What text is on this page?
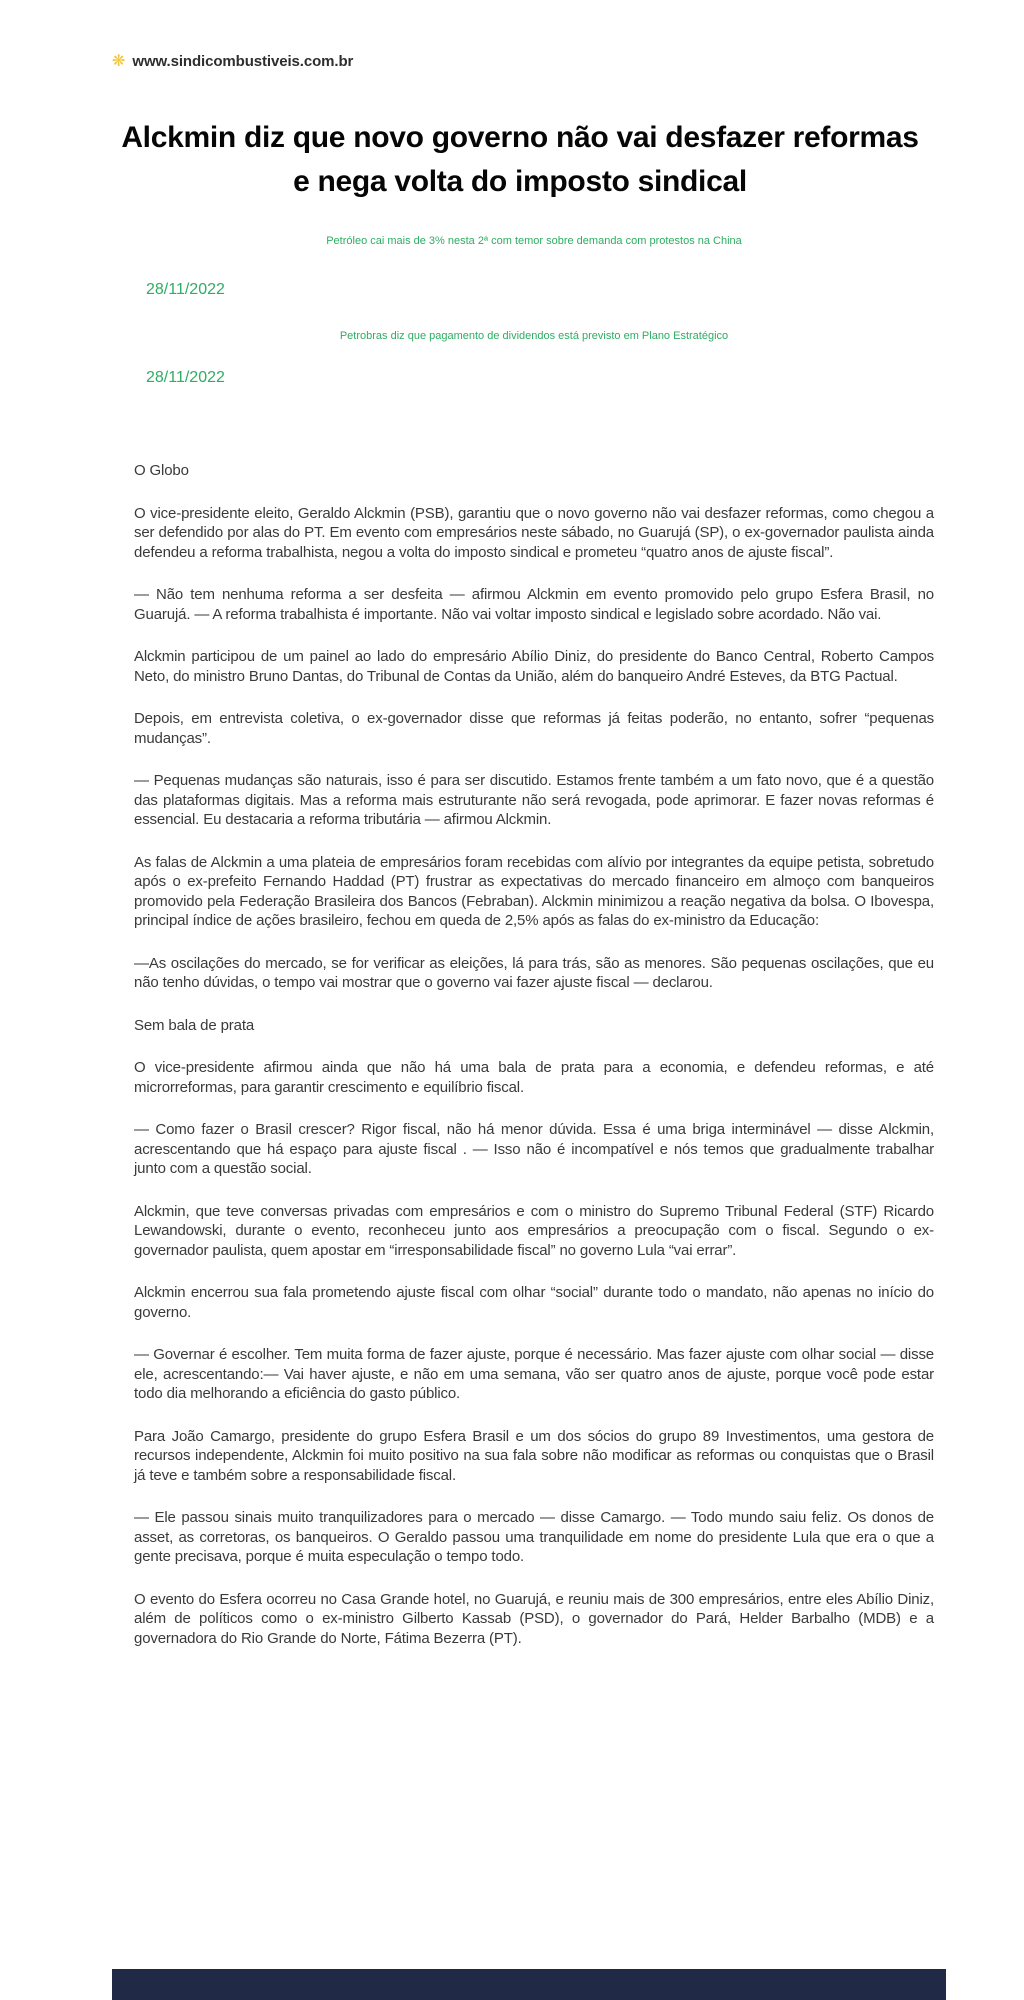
❋ www.sindicombustiveis.com.br
Alckmin diz que novo governo não vai desfazer reformas e nega volta do imposto sindical
Petróleo cai mais de 3% nesta 2ª com temor sobre demanda com protestos na China
28/11/2022
Petrobras diz que pagamento de dividendos está previsto em Plano Estratégico
28/11/2022

O Globo

O vice-presidente eleito, Geraldo Alckmin (PSB), garantiu que o novo governo não vai desfazer reformas, como chegou a ser defendido por alas do PT. Em evento com empresários neste sábado, no Guarujá (SP), o ex-governador paulista ainda defendeu a reforma trabalhista, negou a volta do imposto sindical e prometeu “quatro anos de ajuste fiscal”.

— Não tem nenhuma reforma a ser desfeita — afirmou Alckmin em evento promovido pelo grupo Esfera Brasil, no Guarujá. — A reforma trabalhista é importante. Não vai voltar imposto sindical e legislado sobre acordado. Não vai.

Alckmin participou de um painel ao lado do empresário Abílio Diniz, do presidente do Banco Central, Roberto Campos Neto, do ministro Bruno Dantas, do Tribunal de Contas da União, além do banqueiro André Esteves, da BTG Pactual.

Depois, em entrevista coletiva, o ex-governador disse que reformas já feitas poderão, no entanto, sofrer “pequenas mudanças”.

— Pequenas mudanças são naturais, isso é para ser discutido. Estamos frente também a um fato novo, que é a questão das plataformas digitais. Mas a reforma mais estruturante não será revogada, pode aprimorar. E fazer novas reformas é essencial. Eu destacaria a reforma tributária — afirmou Alckmin.

As falas de Alckmin a uma plateia de empresários foram recebidas com alívio por integrantes da equipe petista, sobretudo após o ex-prefeito Fernando Haddad (PT) frustrar as expectativas do mercado financeiro em almoço com banqueiros promovido pela Federação Brasileira dos Bancos (Febraban). Alckmin minimizou a reação negativa da bolsa. O Ibovespa, principal índice de ações brasileiro, fechou em queda de 2,5% após as falas do ex-ministro da Educação:

—As oscilações do mercado, se for verificar as eleições, lá para trás, são as menores. São pequenas oscilações, que eu não tenho dúvidas, o tempo vai mostrar que o governo vai fazer ajuste fiscal — declarou.

Sem bala de prata

O vice-presidente afirmou ainda que não há uma bala de prata para a economia, e defendeu reformas, e até microrreformas, para garantir crescimento e equilíbrio fiscal.

— Como fazer o Brasil crescer? Rigor fiscal, não há menor dúvida. Essa é uma briga interminável — disse Alckmin, acrescentando que há espaço para ajuste fiscal . — Isso não é incompatível e nós temos que gradualmente trabalhar junto com a questão social.

Alckmin, que teve conversas privadas com empresários e com o ministro do Supremo Tribunal Federal (STF) Ricardo Lewandowski, durante o evento, reconheceu junto aos empresários a preocupação com o fiscal. Segundo o ex-governador paulista, quem apostar em “irresponsabilidade fiscal” no governo Lula “vai errar”.

Alckmin encerrou sua fala prometendo ajuste fiscal com olhar “social” durante todo o mandato, não apenas no início do governo.

— Governar é escolher. Tem muita forma de fazer ajuste, porque é necessário. Mas fazer ajuste com olhar social — disse ele, acrescentando:— Vai haver ajuste, e não em uma semana, vão ser quatro anos de ajuste, porque você pode estar todo dia melhorando a eficiência do gasto público.

Para João Camargo, presidente do grupo Esfera Brasil e um dos sócios do grupo 89 Investimentos, uma gestora de recursos independente, Alckmin foi muito positivo na sua fala sobre não modificar as reformas ou conquistas que o Brasil já teve e também sobre a responsabilidade fiscal.

— Ele passou sinais muito tranquilizadores para o mercado — disse Camargo. — Todo mundo saiu feliz. Os donos de asset, as corretoras, os banqueiros. O Geraldo passou uma tranquilidade em nome do presidente Lula que era o que a gente precisava, porque é muita especulação o tempo todo.

O evento do Esfera ocorreu no Casa Grande hotel, no Guarujá, e reuniu mais de 300 empresários, entre eles Abílio Diniz, além de políticos como o ex-ministro Gilberto Kassab (PSD), o governador do Pará, Helder Barbalho (MDB) e a governadora do Rio Grande do Norte, Fátima Bezerra (PT).
